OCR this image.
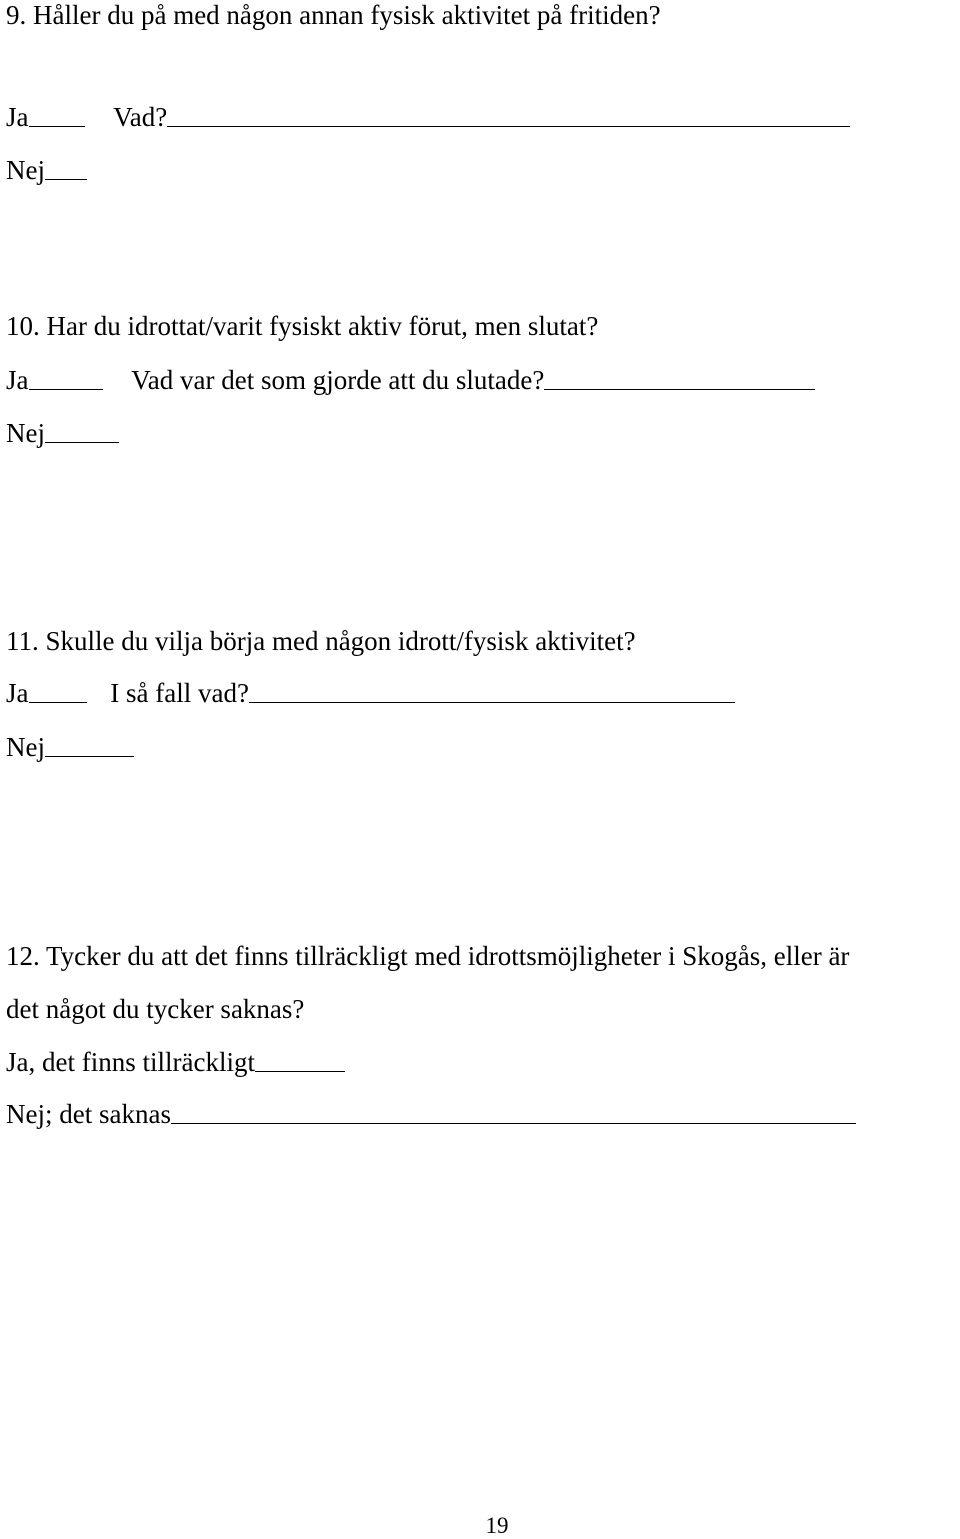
9. Håller du på med någon annan fysisk aktivitet på fritiden?
Ja	Vad?
Nej
10. Har du idrottat/varit fysiskt aktiv förut, men slutat?
Ja	Vad var det som gjorde att du slutade?
Nej
11. Skulle du vilja börja med någon idrott/fysisk aktivitet?
Ja	I så fall vad?
Nej
12. Tycker du att det finns tillräckligt med idrottsmöjligheter i Skogås, eller är
det något du tycker saknas?
Ja, det finns tillräckligt
Nej; det saknas
19
